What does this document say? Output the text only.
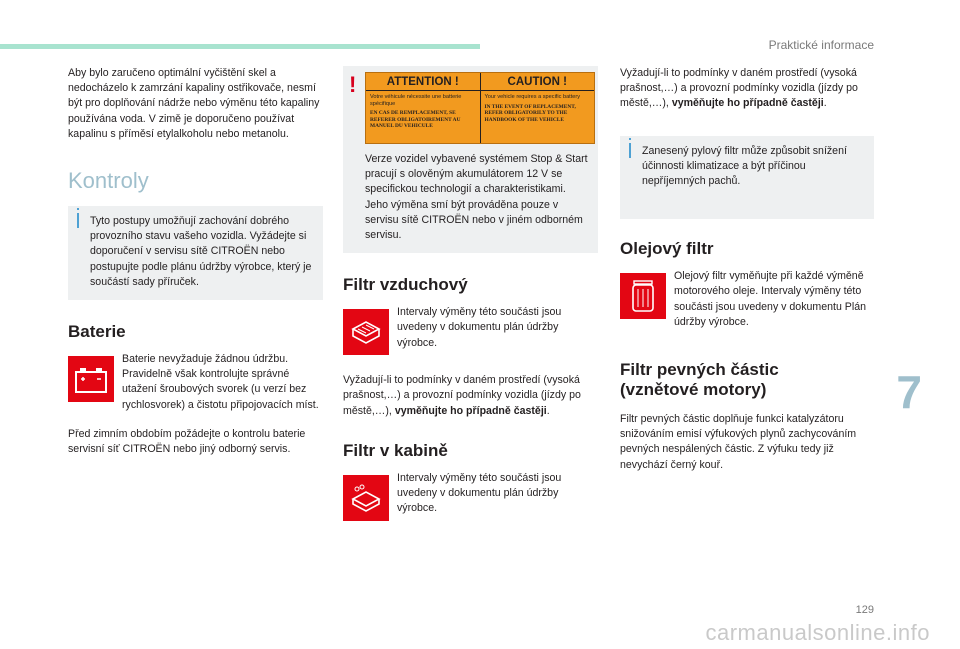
Praktické informace

Aby bylo zaručeno optimální vyčištění skel a nedocházelo k zamrzání kapaliny ostřikovače, nesmí být pro doplňování nádrže nebo výměnu této kapaliny používána voda. V zimě je doporučeno používat kapalinu s příměsí etylalkoholu nebo metanolu.

Kontroly
Tyto postupy umožňují zachování dobrého provozního stavu vašeho vozidla. Vyžádejte si doporučení v servisu sítě CITROËN nebo postupujte podle plánu údržby výrobce, který je součástí sady příruček.
Baterie

Baterie nevyžaduje žádnou údržbu. Pravidelně však kontrolujte správné utažení šroubových svorek (u verzí bez rychlosvorek) a čistotu připojovacích míst.

Před zimním obdobím požádejte o kontrolu baterie servisní síť CITROËN nebo jiný odborný servis.

!	ATTENTION !
Votre véhicule nécessite une batterie spécifique
EN CAS DE REMPLACEMENT, SE REFERER OBLIGATOIREMENT AU MANUEL DU VEHICULE
CAUTION !
Your vehicle requires a specific battery
IN THE EVENT OF REPLACEMENT, REFER OBLIGATORILY TO THE HANDBOOK OF THE VEHICLE

Verze vozidel vybavené systémem Stop & Start pracují s olověným akumulátorem 12 V se specifickou technologií a charakteristikami. Jeho výměna smí být prováděna pouze v servisu sítě CITROËN nebo v jiném odborném servisu.

Filtr vzduchový

Intervaly výměny této součásti jsou uvedeny v dokumentu plán údržby výrobce.

Vyžadují-li to podmínky v daném prostředí (vysoká prašnost,…) a provozní podmínky vozidla (jízdy po městě,…), vyměňujte ho případně častěji.

Filtr v kabině

Intervaly výměny této součásti jsou uvedeny v dokumentu plán údržby výrobce.

Vyžadují-li to podmínky v daném prostředí (vysoká prašnost,…) a provozní podmínky vozidla (jízdy po městě,…), vyměňujte ho případně častěji.

Zanesený pylový filtr může způsobit snížení účinnosti klimatizace a být příčinou nepříjemných pachů.
Olejový filtr

Olejový filtr vyměňujte při každé výměně motorového oleje. Intervaly výměny této součásti jsou uvedeny v dokumentu Plán údržby výrobce.

Filtr pevných částic
(vznětové motory)

Filtr pevných částic doplňuje funkci katalyzátoru snižováním emisí výfukových plynů zachycováním pevných nespálených částic. Z výfuku tedy již nevychází černý kouř.

7
129
carmanualsonline.info
